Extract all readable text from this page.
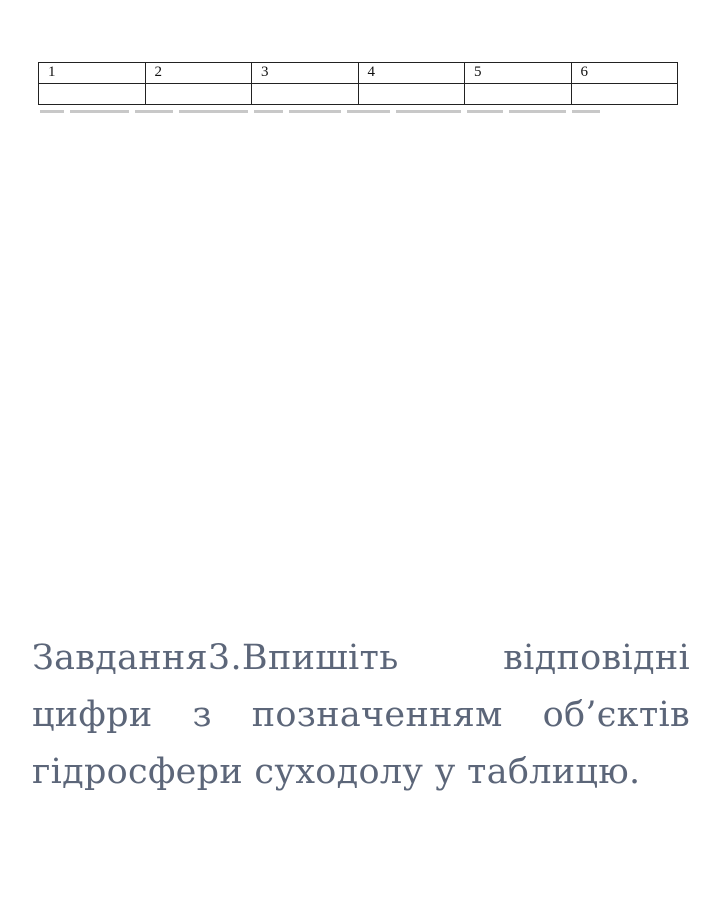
1	2	3	4	5	6

Завдання3.Впишіть відповідні цифри з позначенням об’єктів гідросфери суходолу у таблицю.
